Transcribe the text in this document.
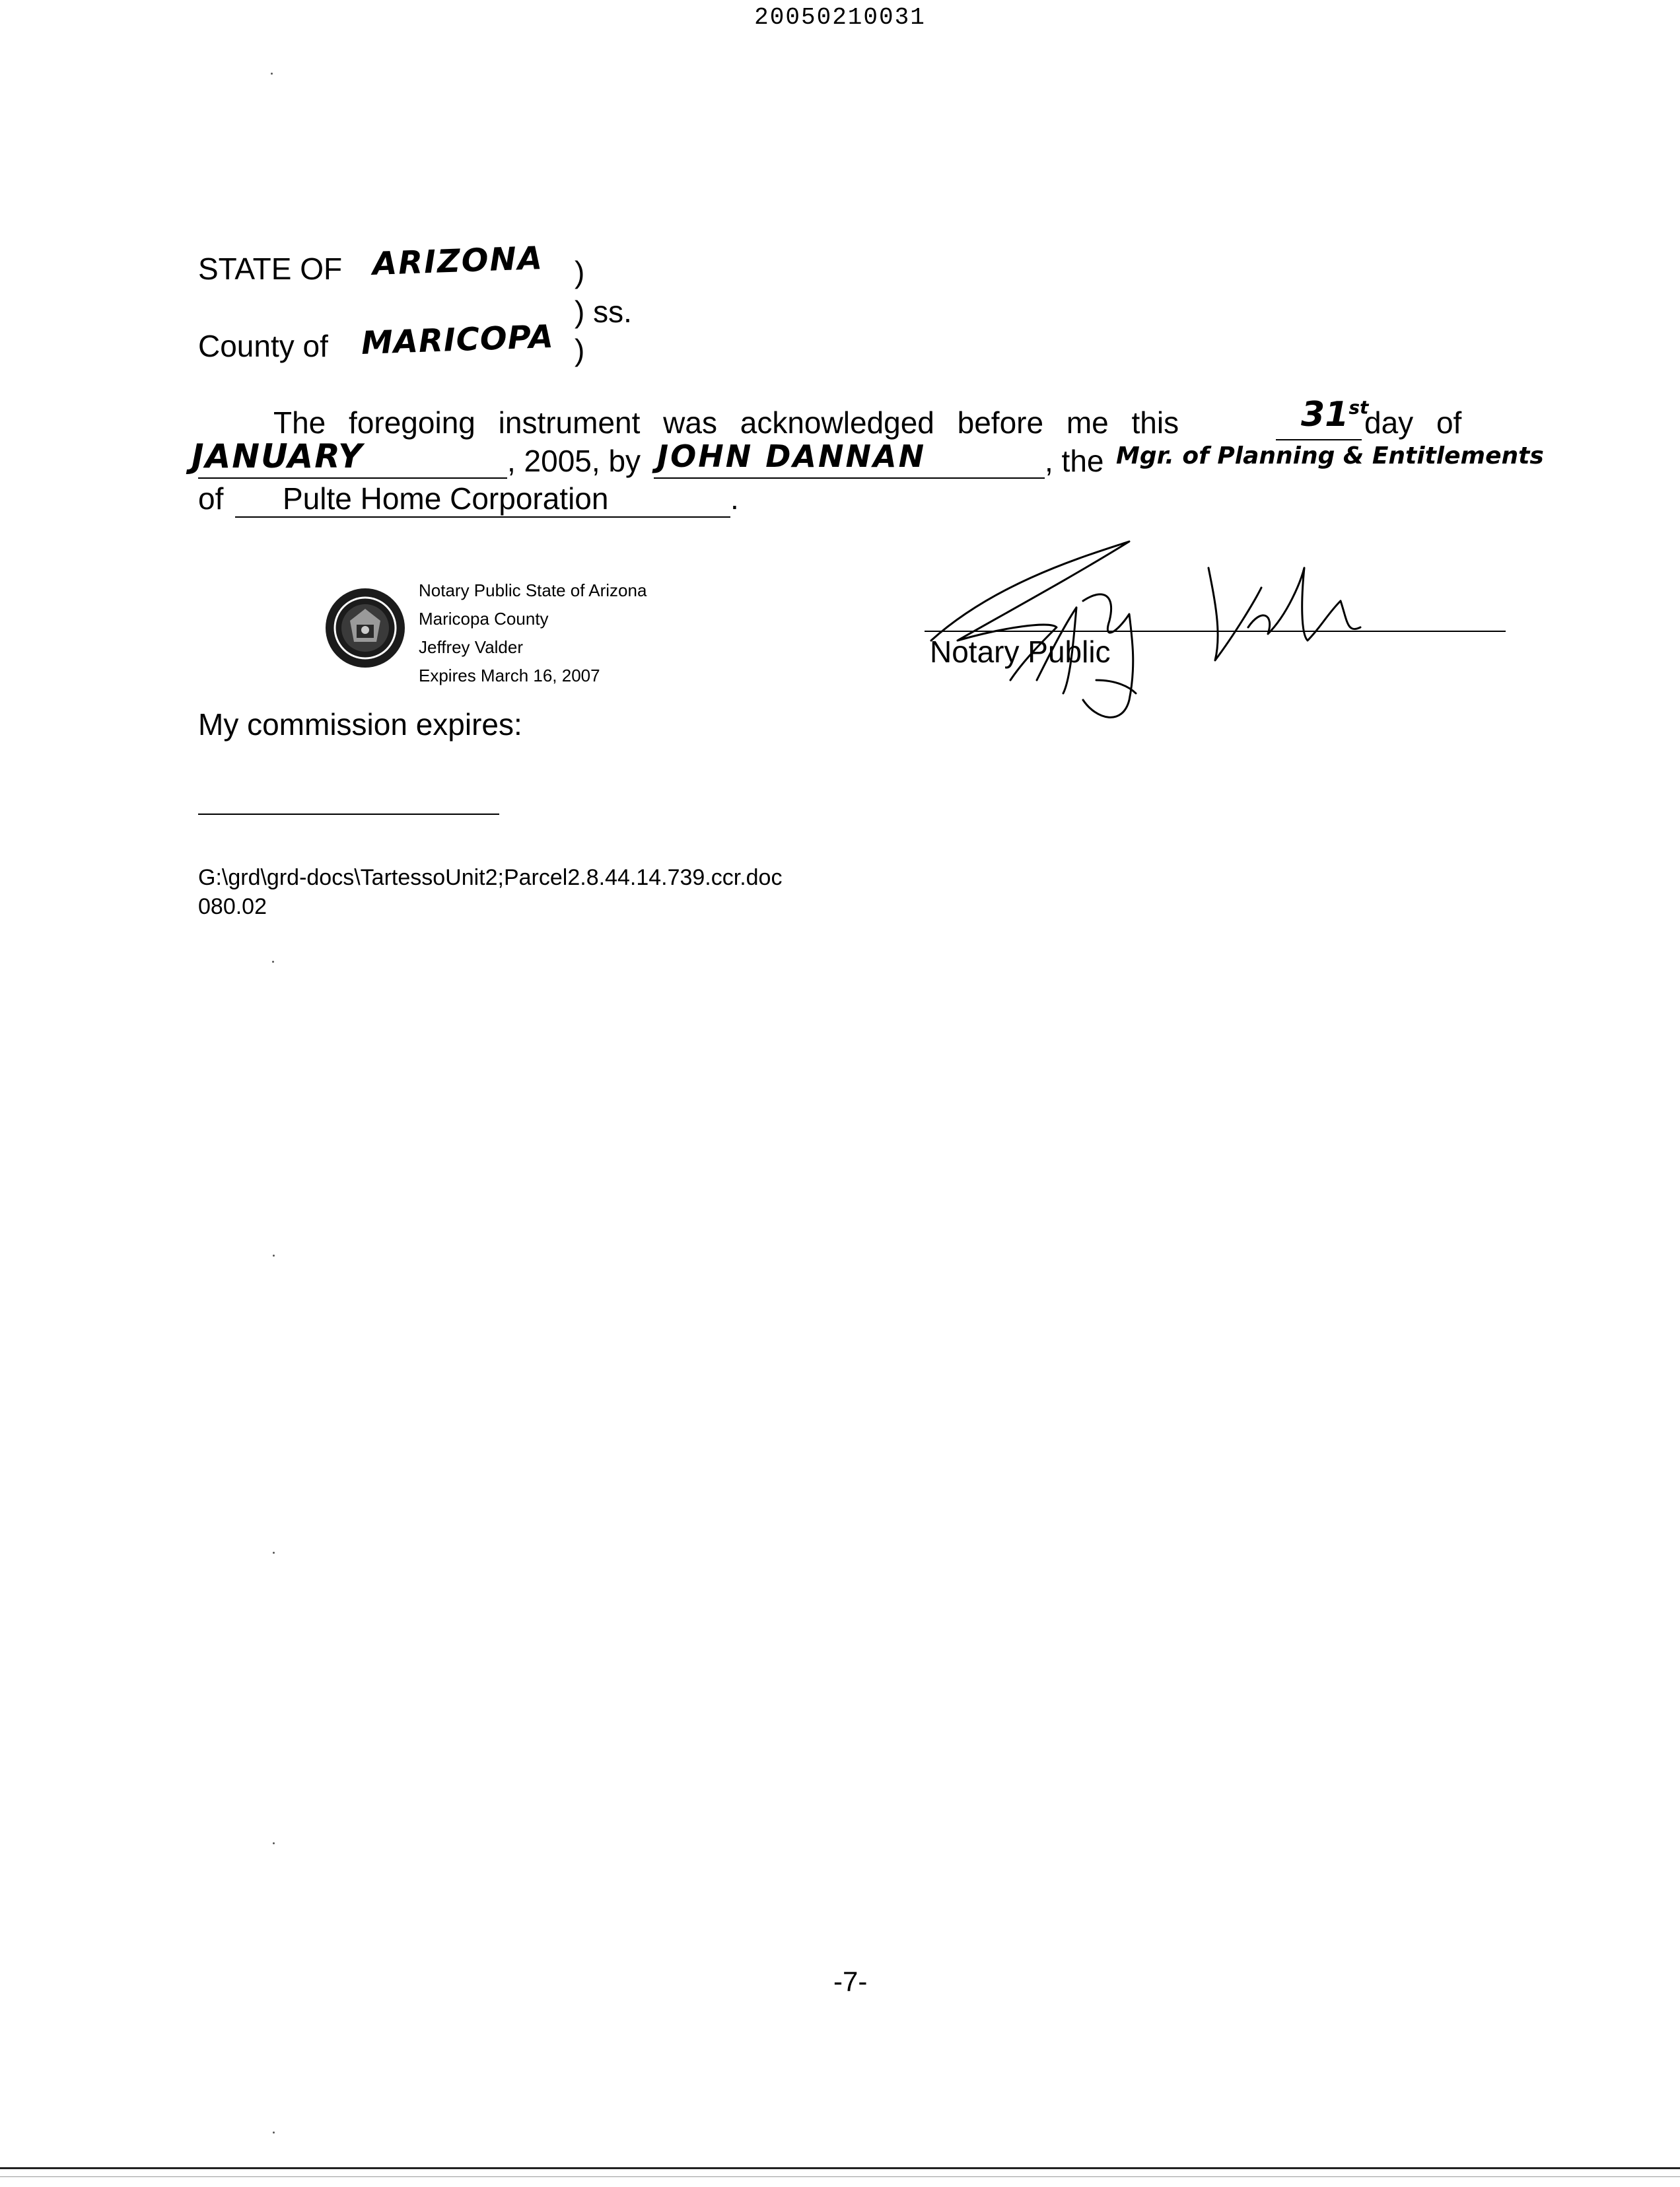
20050210031
STATE OF ARIZONA )
) ss.
County of MARICOPA )
The foregoing instrument was acknowledged before me this	31st
day of
JANUARY	, 2005, by JOHN DANNAN	, the Mgr. of Planning & Entitlements
of Pulte Home Corporation	.
Notary Public State of Arizona
Maricopa County
Jeffrey Valder
Expires March 16, 2007
Notary Public
My commission expires:
G:\grd\grd-docs\TartessoUnit2;Parcel2.8.44.14.739.ccr.doc
080.02
-7-
